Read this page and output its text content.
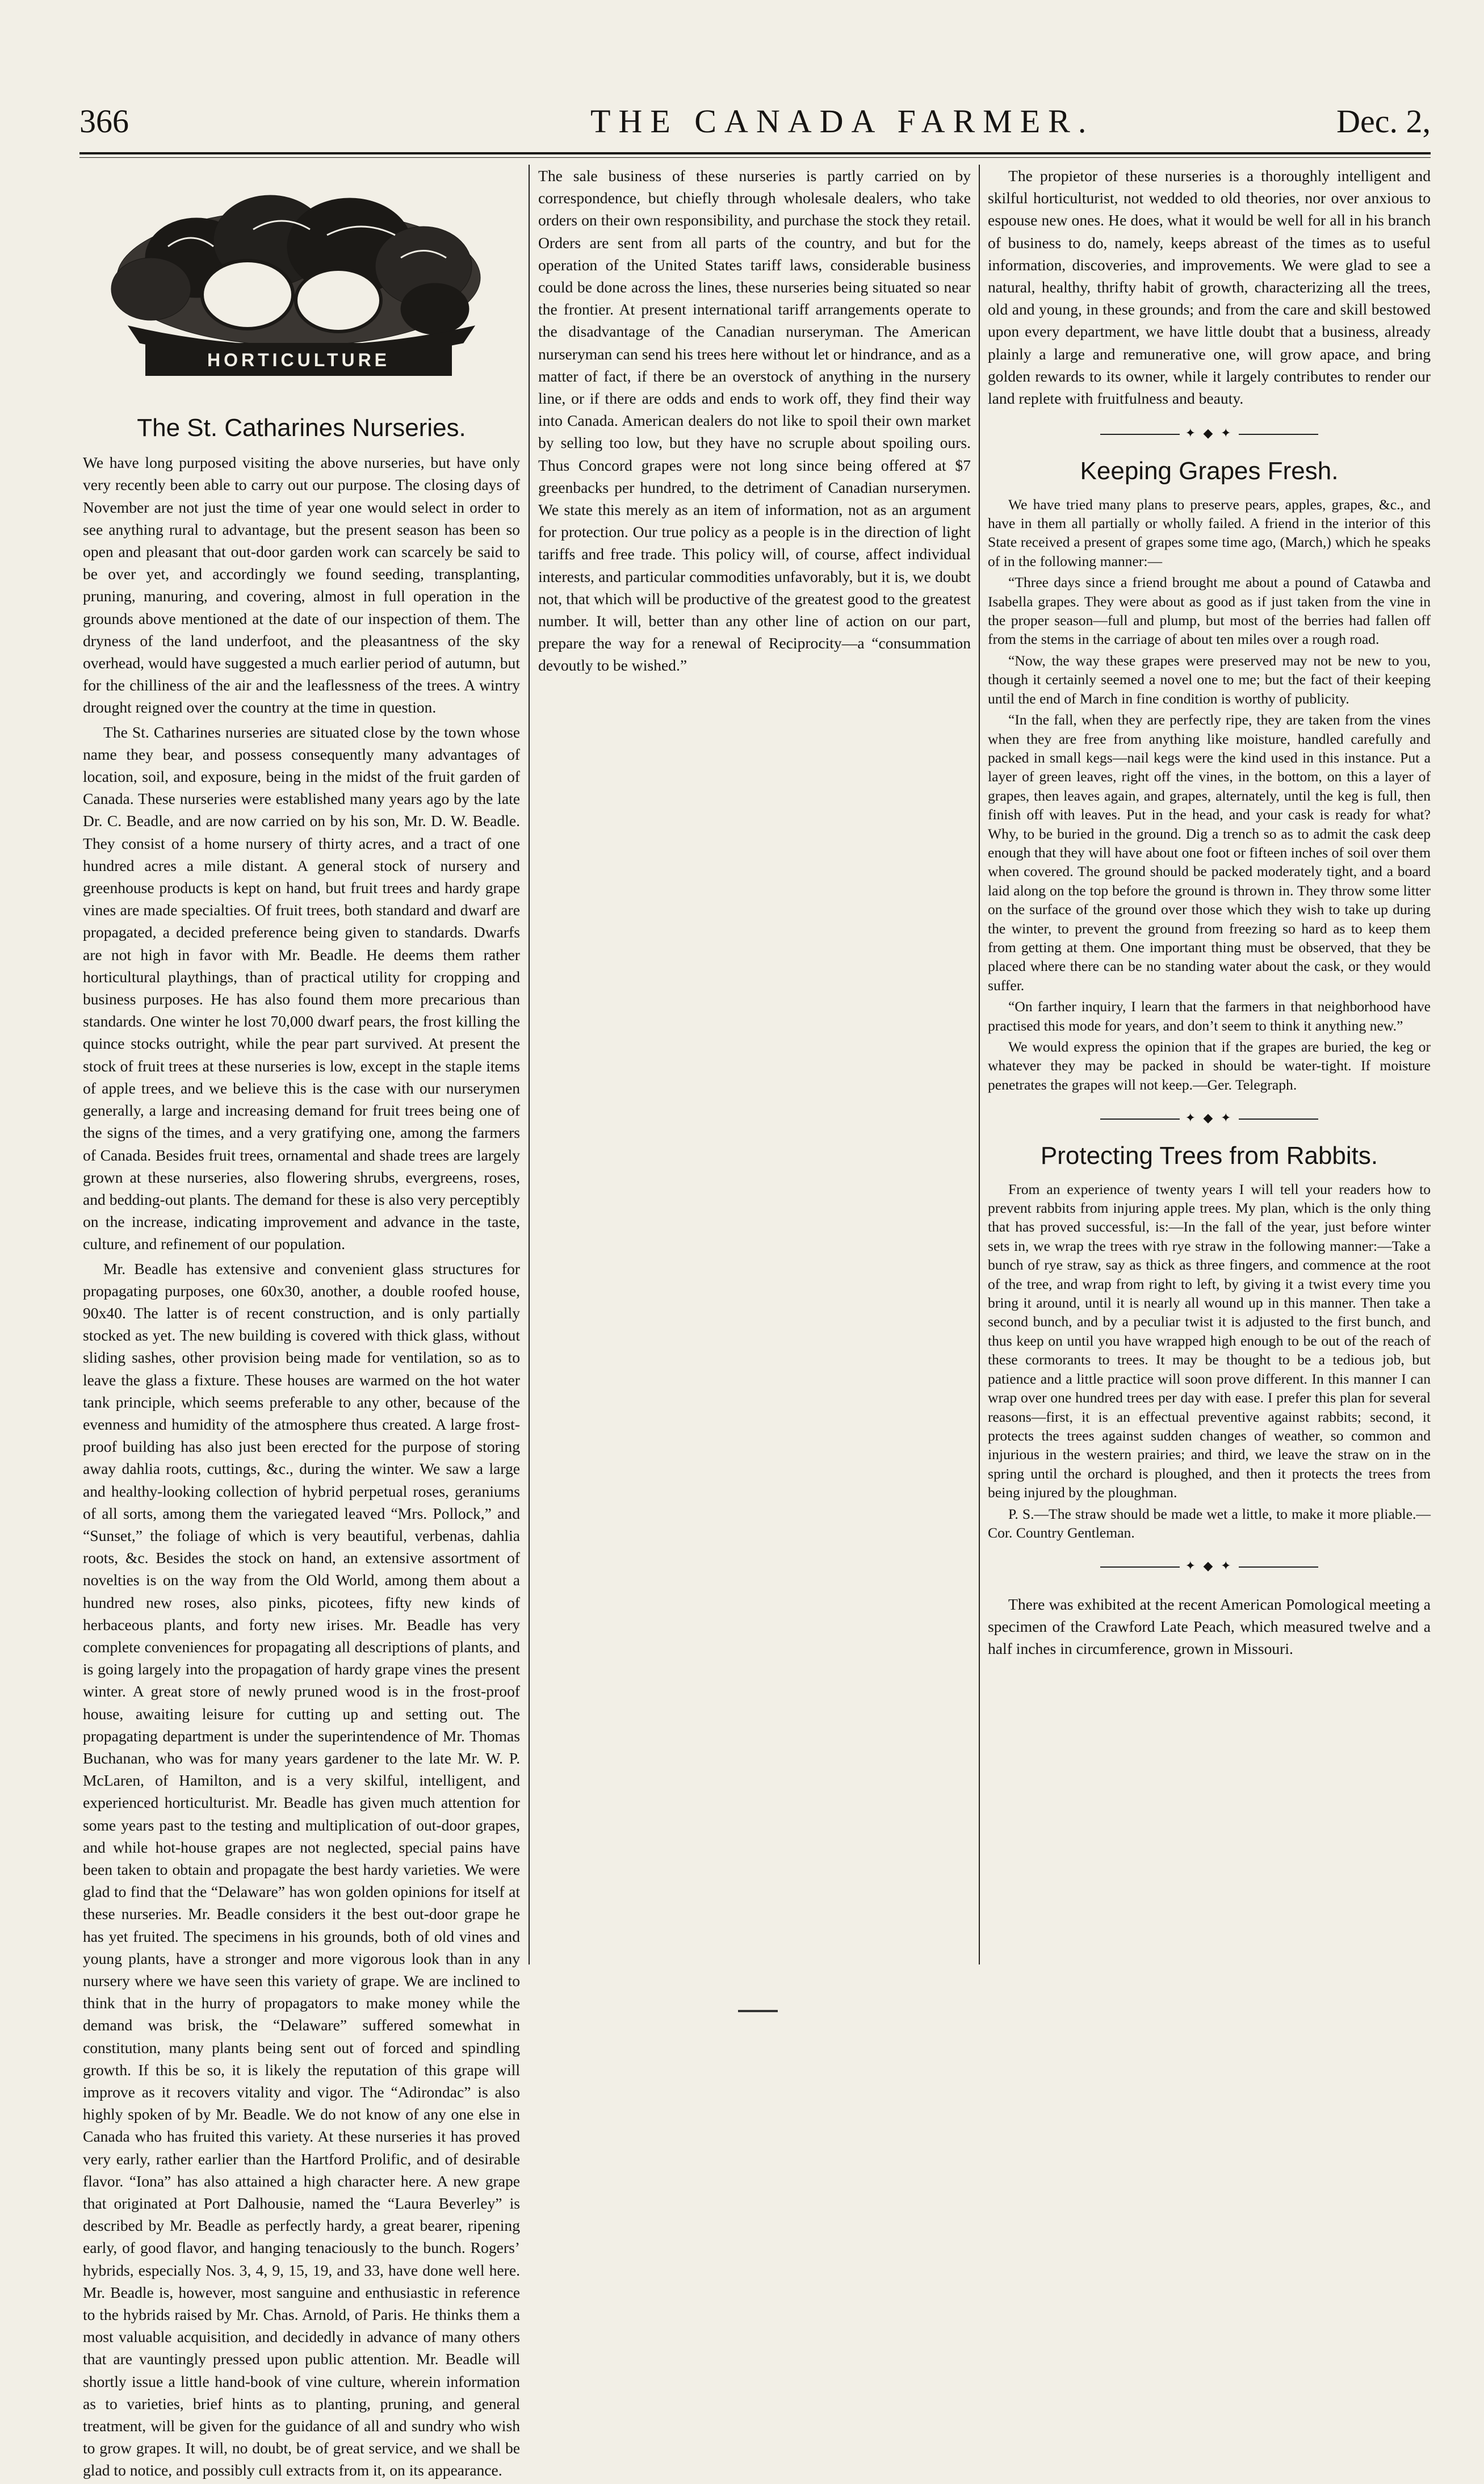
366	THE CANADA FARMER.	Dec. 2,
HORTICULTURE
The St. Catharines Nurseries.

We have long purposed visiting the above nurseries, but have only very recently been able to carry out our purpose. The closing days of November are not just the time of year one would select in order to see anything rural to advantage, but the present season has been so open and pleasant that out-door garden work can scarcely be said to be over yet, and accordingly we found seeding, transplanting, pruning, manuring, and covering, almost in full operation in the grounds above mentioned at the date of our inspection of them. The dryness of the land underfoot, and the pleasantness of the sky overhead, would have suggested a much earlier period of autumn, but for the chilliness of the air and the leaflessness of the trees. A wintry drought reigned over the country at the time in question.

The St. Catharines nurseries are situated close by the town whose name they bear, and possess consequently many advantages of location, soil, and exposure, being in the midst of the fruit garden of Canada. These nurseries were established many years ago by the late Dr. C. Beadle, and are now carried on by his son, Mr. D. W. Beadle. They consist of a home nursery of thirty acres, and a tract of one hundred acres a mile distant. A general stock of nursery and greenhouse products is kept on hand, but fruit trees and hardy grape vines are made specialties. Of fruit trees, both standard and dwarf are propagated, a decided preference being given to standards. Dwarfs are not high in favor with Mr. Beadle. He deems them rather horticultural playthings, than of practical utility for cropping and business purposes. He has also found them more precarious than standards. One winter he lost 70,000 dwarf pears, the frost killing the quince stocks outright, while the pear part survived. At present the stock of fruit trees at these nurseries is low, except in the staple items of apple trees, and we believe this is the case with our nurserymen generally, a large and increasing demand for fruit trees being one of the signs of the times, and a very gratifying one, among the farmers of Canada. Besides fruit trees, ornamental and shade trees are largely grown at these nurseries, also flowering shrubs, evergreens, roses, and bedding-out plants. The demand for these is also very perceptibly on the increase, indicating improvement and advance in the taste, culture, and refinement of our population.

Mr. Beadle has extensive and convenient glass structures for propagating purposes, one 60x30, another, a double roofed house, 90x40. The latter is of recent construction, and is only partially stocked as yet. The new building is covered with thick glass, without sliding sashes, other provision being made for ventilation, so as to leave the glass a fixture. These houses are warmed on the hot water tank principle, which seems preferable to any other, because of the evenness and humidity of the atmosphere thus created. A large frost-proof building has also just been erected for the purpose of storing away dahlia roots, cuttings, &c., during the winter. We saw a large and healthy-looking collection of hybrid perpetual roses, geraniums of all sorts, among them the variegated leaved “Mrs. Pollock,” and “Sunset,” the foliage of which is very beautiful, verbenas, dahlia roots, &c. Besides the stock on hand, an extensive assortment of novelties is on the way from the Old World, among them about a hundred new roses, also pinks, picotees, fifty new kinds of herbaceous plants, and forty new irises. Mr. Beadle has very complete conveniences for propagating all descriptions of plants, and is going largely into the propagation of hardy grape vines the present winter. A great store of newly pruned wood is in the frost-proof house, awaiting leisure for cutting up and setting out. The propagating department is under the superintendence of Mr. Thomas Buchanan, who was for many years gardener to the late Mr. W. P. McLaren, of Hamilton, and is a very skilful, intelligent, and experienced horticulturist. Mr. Beadle has given much attention for some years past to the testing and multiplication of out-door grapes, and while hot-house grapes are not neglected, special pains have been taken to obtain and propagate the best hardy varieties. We were glad to find that the “Delaware” has won golden opinions for itself at these nurseries. Mr. Beadle considers it the best out-door grape he has yet fruited. The specimens in his grounds, both of old vines and young plants, have a stronger and more vigorous look than in any nursery where we have seen this variety of grape. We are inclined to think that in the hurry of propagators to make money while the demand was brisk, the “Delaware” suffered somewhat in constitution, many plants being sent out of forced and spindling growth. If this be so, it is likely the reputation of this grape will improve as it recovers vitality and vigor. The “Adirondac” is also highly spoken of by Mr. Beadle. We do not know of any one else in Canada who has fruited this variety. At these nurseries it has proved very early, rather earlier than the Hartford Prolific, and of desirable flavor. “Iona” has also attained a high character here. A new grape that originated at Port Dalhousie, named the “Laura Beverley” is described by Mr. Beadle as perfectly hardy, a great bearer, ripening early, of good flavor, and hanging tenaciously to the bunch. Rogers’ hybrids, especially Nos. 3, 4, 9, 15, 19, and 33, have done well here. Mr. Beadle is, however, most sanguine and enthusiastic in reference to the hybrids raised by Mr. Chas. Arnold, of Paris. He thinks them a most valuable acquisition, and decidedly in advance of many others that are vauntingly pressed upon public attention. Mr. Beadle will shortly issue a little hand-book of vine culture, wherein information as to varieties, brief hints as to planting, pruning, and general treatment, will be given for the guidance of all and sundry who wish to grow grapes. It will, no doubt, be of great service, and we shall be glad to notice, and possibly cull extracts from it, on its appearance.

The sale business of these nurseries is partly carried on by correspondence, but chiefly through wholesale dealers, who take orders on their own responsibility, and purchase the stock they retail. Orders are sent from all parts of the country, and but for the operation of the United States tariff laws, considerable business could be done across the lines, these nurseries being situated so near the frontier. At present international tariff arrangements operate to the disadvantage of the Canadian nurseryman. The American nurseryman can send his trees here without let or hindrance, and as a matter of fact, if there be an overstock of anything in the nursery line, or if there are odds and ends to work off, they find their way into Canada. American dealers do not like to spoil their own market by selling too low, but they have no scruple about spoiling ours. Thus Concord grapes were not long since being offered at $7 greenbacks per hundred, to the detriment of Canadian nurserymen. We state this merely as an item of information, not as an argument for protection. Our true policy as a people is in the direction of light tariffs and free trade. This policy will, of course, affect individual interests, and particular commodities unfavorably, but it is, we doubt not, that which will be productive of the greatest good to the greatest number. It will, better than any other line of action on our part, prepare the way for a renewal of Reciprocity—a “consummation devoutly to be wished.”

The propietor of these nurseries is a thoroughly intelligent and skilful horticulturist, not wedded to old theories, nor over anxious to espouse new ones. He does, what it would be well for all in his branch of business to do, namely, keeps abreast of the times as to useful information, discoveries, and improvements. We were glad to see a natural, healthy, thrifty habit of growth, characterizing all the trees, old and young, in these grounds; and from the care and skill bestowed upon every department, we have little doubt that a business, already plainly a large and remunerative one, will grow apace, and bring golden rewards to its owner, while it largely contributes to render our land replete with fruitfulness and beauty.

✦ ◆ ✦
Keeping Grapes Fresh.

We have tried many plans to preserve pears, apples, grapes, &c., and have in them all partially or wholly failed. A friend in the interior of this State received a present of grapes some time ago, (March,) which he speaks of in the following manner:—

“Three days since a friend brought me about a pound of Catawba and Isabella grapes. They were about as good as if just taken from the vine in the proper season—full and plump, but most of the berries had fallen off from the stems in the carriage of about ten miles over a rough road.

“Now, the way these grapes were preserved may not be new to you, though it certainly seemed a novel one to me; but the fact of their keeping until the end of March in fine condition is worthy of publicity.

“In the fall, when they are perfectly ripe, they are taken from the vines when they are free from anything like moisture, handled carefully and packed in small kegs—nail kegs were the kind used in this instance. Put a layer of green leaves, right off the vines, in the bottom, on this a layer of grapes, then leaves again, and grapes, alternately, until the keg is full, then finish off with leaves. Put in the head, and your cask is ready for what? Why, to be buried in the ground. Dig a trench so as to admit the cask deep enough that they will have about one foot or fifteen inches of soil over them when covered. The ground should be packed moderately tight, and a board laid along on the top before the ground is thrown in. They throw some litter on the surface of the ground over those which they wish to take up during the winter, to prevent the ground from freezing so hard as to keep them from getting at them. One important thing must be observed, that they be placed where there can be no standing water about the cask, or they would suffer.

“On farther inquiry, I learn that the farmers in that neighborhood have practised this mode for years, and don’t seem to think it anything new.”

We would express the opinion that if the grapes are buried, the keg or whatever they may be packed in should be water-tight. If moisture penetrates the grapes will not keep.—Ger. Telegraph.

✦ ◆ ✦
Protecting Trees from Rabbits.

From an experience of twenty years I will tell your readers how to prevent rabbits from injuring apple trees. My plan, which is the only thing that has proved successful, is:—In the fall of the year, just before winter sets in, we wrap the trees with rye straw in the following manner:—Take a bunch of rye straw, say as thick as three fingers, and commence at the root of the tree, and wrap from right to left, by giving it a twist every time you bring it around, until it is nearly all wound up in this manner. Then take a second bunch, and by a peculiar twist it is adjusted to the first bunch, and thus keep on until you have wrapped high enough to be out of the reach of these cormorants to trees. It may be thought to be a tedious job, but patience and a little practice will soon prove different. In this manner I can wrap over one hundred trees per day with ease. I prefer this plan for several reasons—first, it is an effectual preventive against rabbits; second, it protects the trees against sudden changes of weather, so common and injurious in the western prairies; and third, we leave the straw on in the spring until the orchard is ploughed, and then it protects the trees from being injured by the ploughman.

P. S.—The straw should be made wet a little, to make it more pliable.—Cor. Country Gentleman.

✦ ◆ ✦

There was exhibited at the recent American Pomological meeting a specimen of the Crawford Late Peach, which measured twelve and a half inches in circumference, grown in Missouri.
